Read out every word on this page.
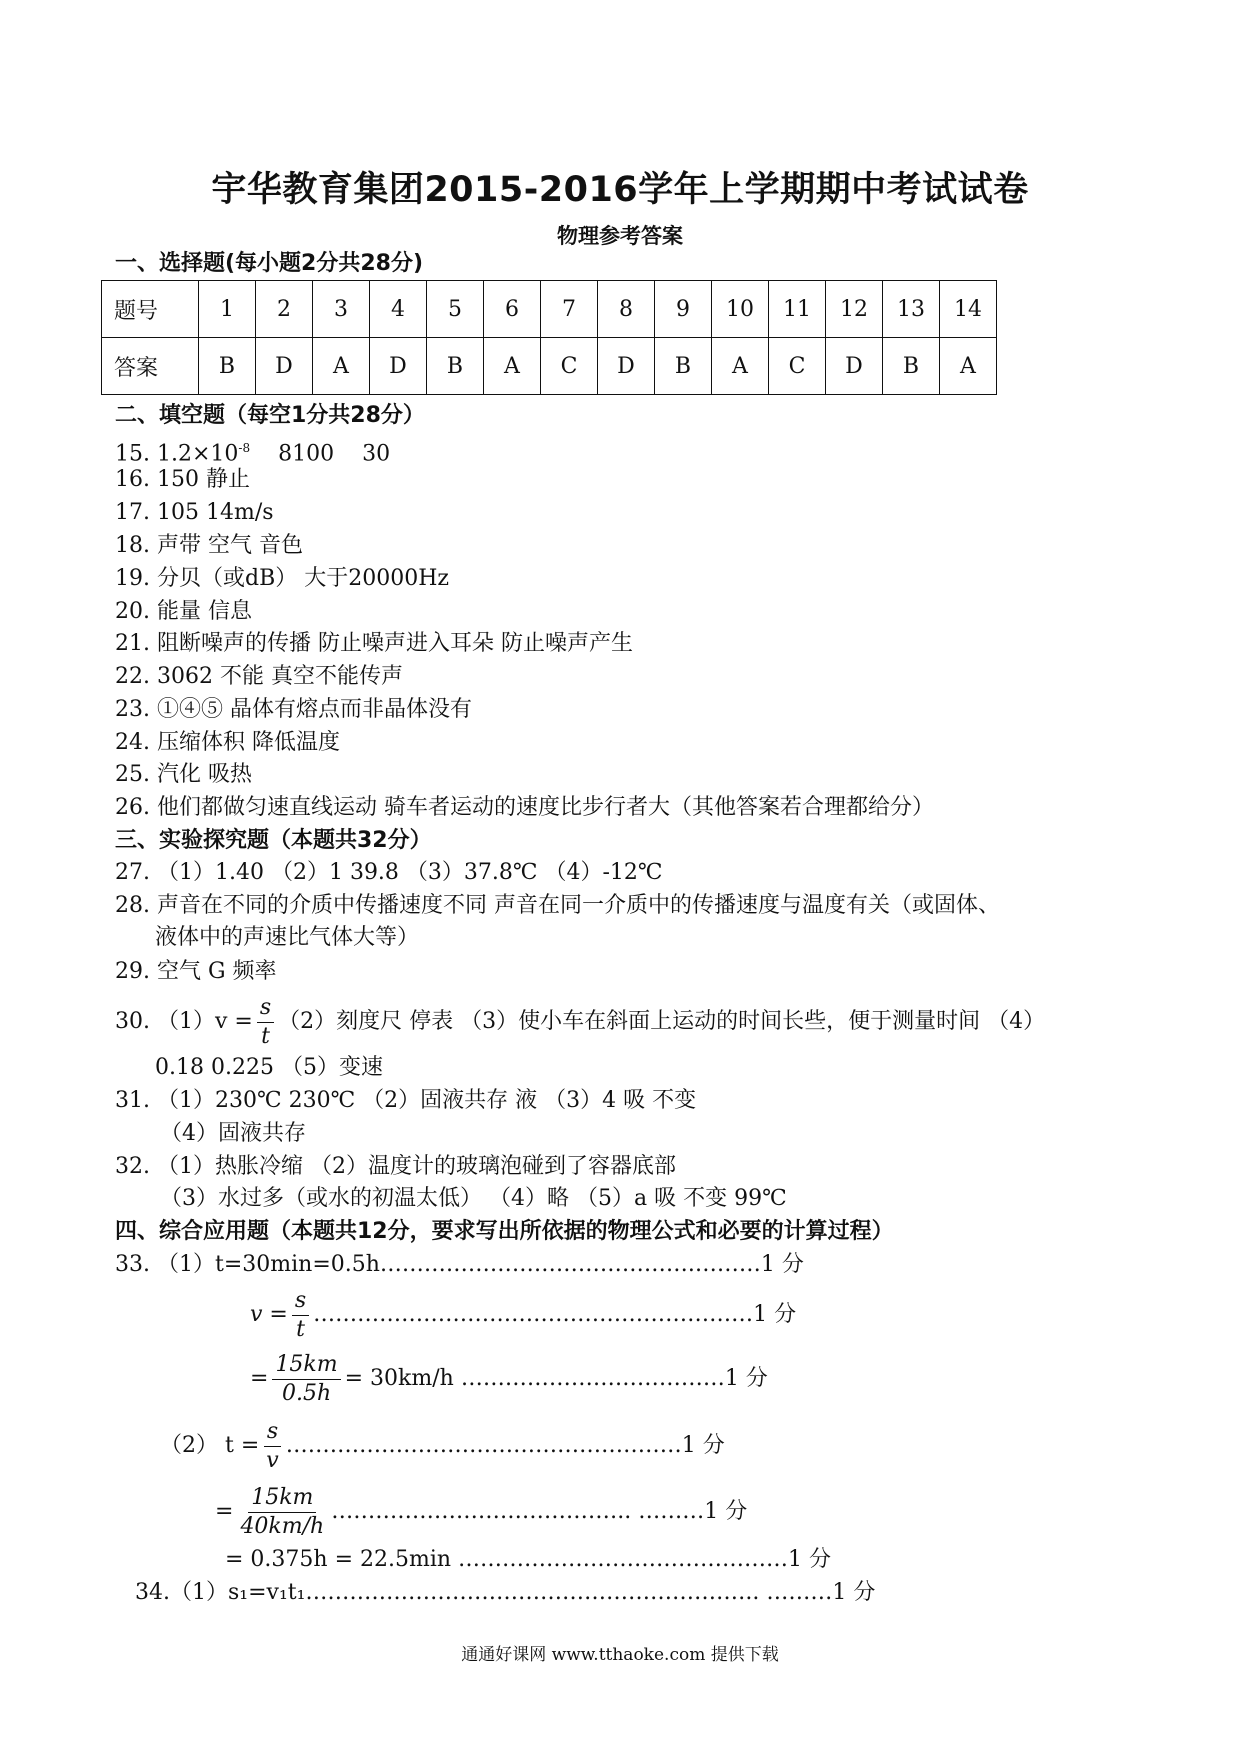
宇华教育集团2015-2016学年上学期期中考试试卷
物理参考答案
一、选择题(每小题2分共28分)
题号	1	2	3	4	5	6	7	8	9	10	11	12	13	14
答案	B	D	A	D	B	A	C	D	B	A	C	D	B	A
二、填空题（每空1分共28分）
15. $1.2\times 10^{-8}$ 8100 30
16. 150 静止
17. 105 14m/s
18. 声带 空气 音色
19. 分贝（或dB） 大于20000Hz
20. 能量 信息
21. 阻断噪声的传播 防止噪声进入耳朵 防止噪声产生
22. 3062 不能 真空不能传声
23. ①④⑤ 晶体有熔点而非晶体没有
24. 压缩体积 降低温度
25. 汽化 吸热
26. 他们都做匀速直线运动 骑车者运动的速度比步行者大（其他答案若合理都给分）
三、实验探究题（本题共32分）
27. （1）1.40 （2）1 39.8 （3）37.8℃ （4）-12℃
28. 声音在不同的介质中传播速度不同 声音在同一介质中的传播速度与温度有关（或固体、
液体中的声速比气体大等）
29. 空气 G 频率
30. $(1)v = \frac{s}{t} (2)$刻度尺 停表 （3）使小车在斜面上运动的时间长些，便于测量时间 （4）
0.18 0.225 （5）变速
31. （1）230℃ 230℃ （2）固液共存 液 （3）4 吸 不变
（4）固液共存
32. （1）热胀冷缩 （2）温度计的玻璃泡碰到了容器底部
（3）水过多（或水的初温太低） （4）略 （5）a 吸 不变 99℃
四、综合应用题（本题共12分，要求写出所依据的物理公式和必要的计算过程）
33. （1）t=30min=0.5h…………………………………….………1 分
$v = \frac{s}{t}$ ……………………………………………………1 分
= $\frac{15km}{0.5h} = 30km/h$ ………………………………1 分
（2） $t = \frac{s}{v}$ ………………………………………………1 分
= $\frac{15km}{40km/h}$ ………………………………….. ………1 分
= 0.375h = 22.5min ………………………………………1 分
34.（1）s₁=v₁t₁…………………………………………………….. ………1 分
通通好课网 www.tthaoke.com 提供下载
